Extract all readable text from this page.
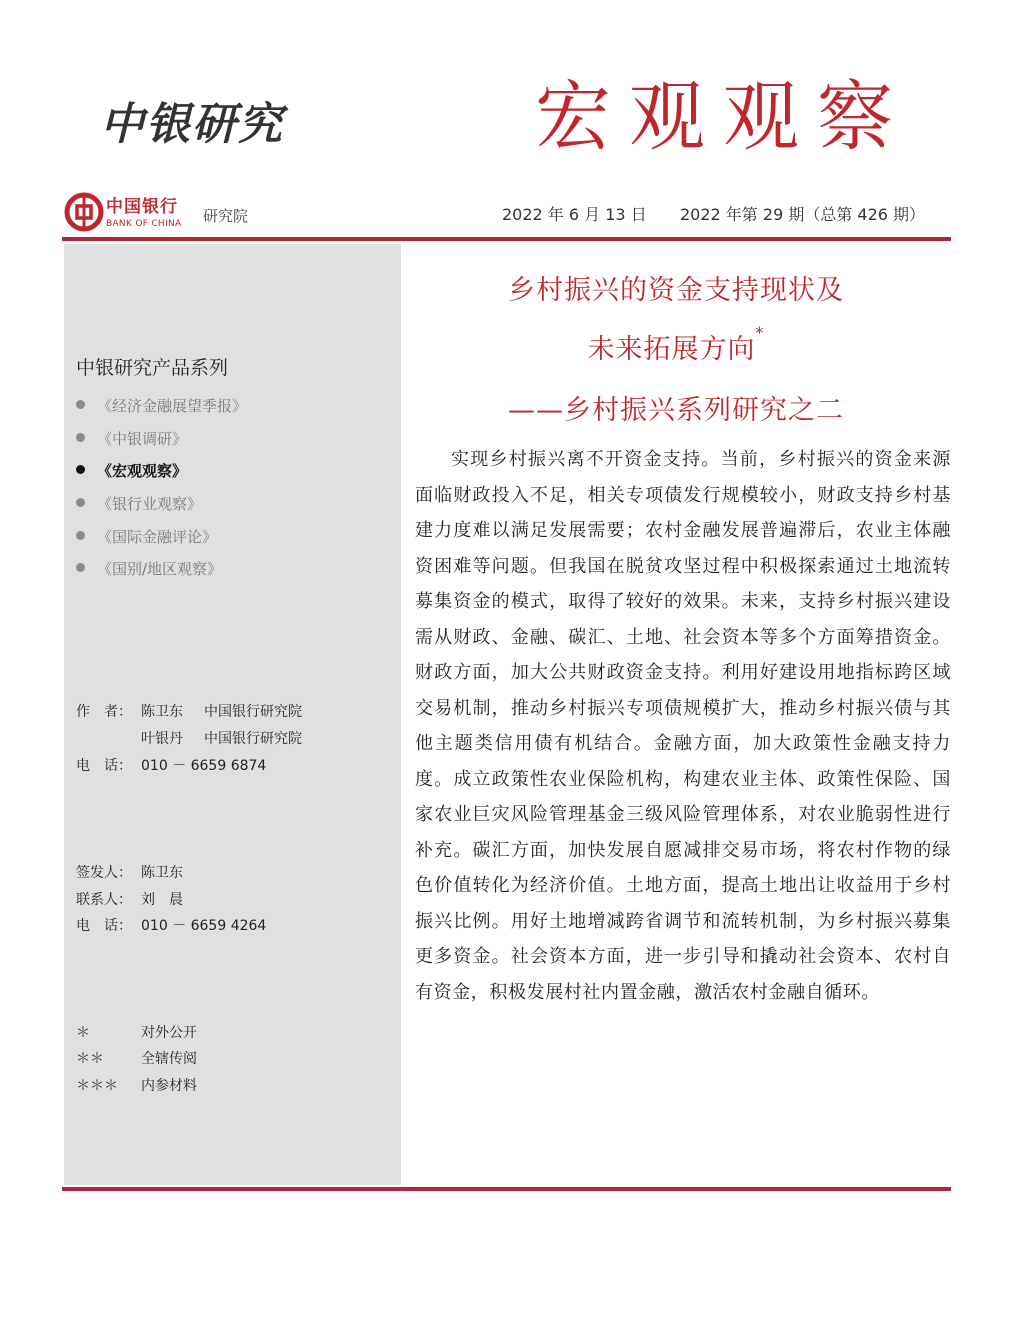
中银研究	宏观观察
中国银行
BANK OF CHINA 研究院	2022 年 6 月 13 日 2022 年第 29 期（总第 426 期）
中银研究产品系列
《经济金融展望季报》
《中银调研》
《宏观观察》
《银行业观察》
《国际金融评论》
《国别/地区观察》
作　者： 陈卫东 中国银行研究院
叶银丹 中国银行研究院
电　话： 010 － 6659 6874
签发人： 陈卫东
联系人： 刘　晨
电　话： 010 － 6659 4264
＊	对外公开
＊＊	全辖传阅
＊＊＊ 内参材料
乡村振兴的资金支持现状及
未来拓展方向*
——乡村振兴系列研究之二

实现乡村振兴离不开资金支持。当前，乡村振兴的资金来源面临财政投入不足，相关专项债发行规模较小，财政支持乡村基建力度难以满足发展需要；农村金融发展普遍滞后，农业主体融资困难等问题。但我国在脱贫攻坚过程中积极探索通过土地流转募集资金的模式，取得了较好的效果。未来，支持乡村振兴建设需从财政、金融、碳汇、土地、社会资本等多个方面筹措资金。财政方面，加大公共财政资金支持。利用好建设用地指标跨区域交易机制，推动乡村振兴专项债规模扩大，推动乡村振兴债与其他主题类信用债有机结合。金融方面，加大政策性金融支持力度。成立政策性农业保险机构，构建农业主体、政策性保险、国家农业巨灾风险管理基金三级风险管理体系，对农业脆弱性进行补充。碳汇方面，加快发展自愿减排交易市场，将农村作物的绿色价值转化为经济价值。土地方面，提高土地出让收益用于乡村振兴比例。用好土地增减跨省调节和流转机制，为乡村振兴募集更多资金。社会资本方面，进一步引导和撬动社会资本、农村自有资金，积极发展村社内置金融，激活农村金融自循环。
